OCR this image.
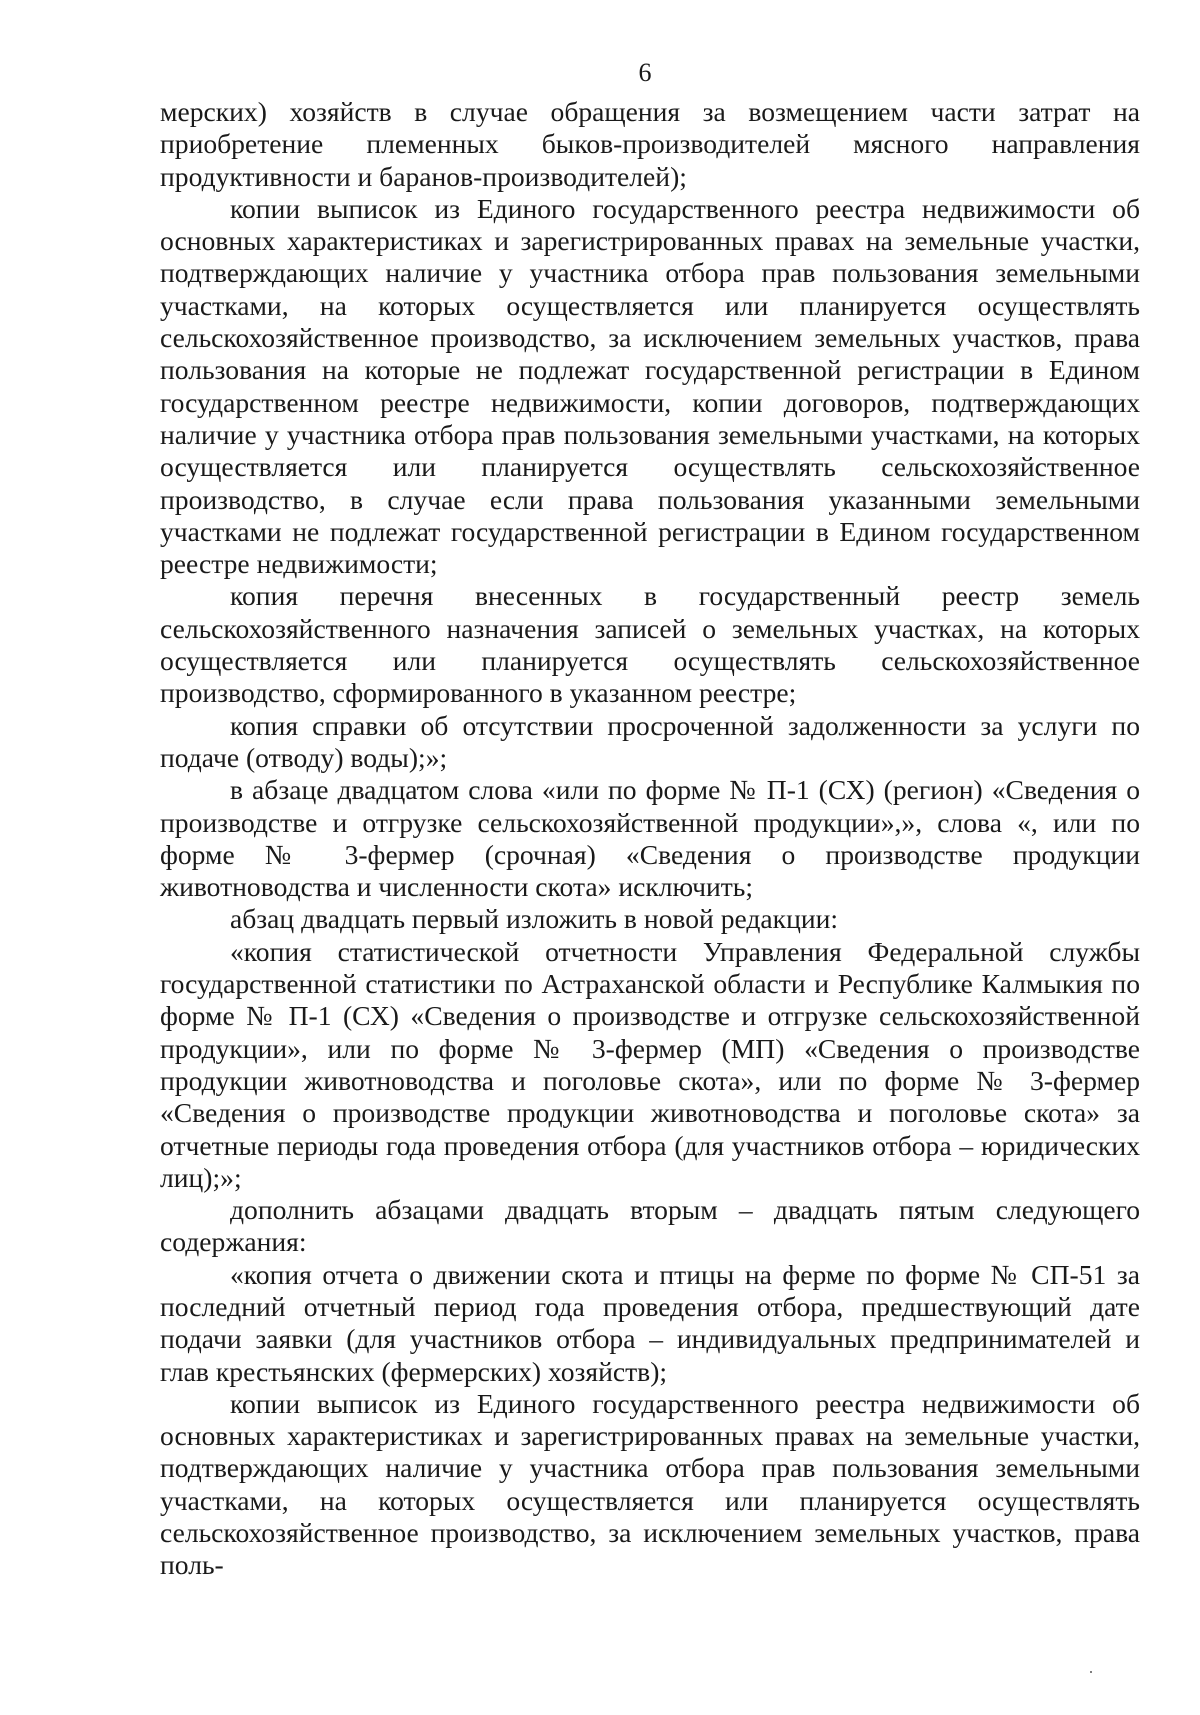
6

мерских) хозяйств в случае обращения за возмещением части затрат на приобретение племенных быков-производителей мясного направления продуктивности и баранов-производителей);

копии выписок из Единого государственного реестра недвижимости об основных характеристиках и зарегистрированных правах на земельные участки, подтверждающих наличие у участника отбора прав пользования земельными участками, на которых осуществляется или планируется осуществлять сельскохозяйственное производство, за исключением земельных участков, права пользования на которые не подлежат государственной регистрации в Едином государственном реестре недвижимости, копии договоров, подтверждающих наличие у участника отбора прав пользования земельными участками, на которых осуществляется или планируется осуществлять сельскохозяйственное производство, в случае если права пользования указанными земельными участками не подлежат государственной регистрации в Едином государственном реестре недвижимости;

копия перечня внесенных в государственный реестр земель сельскохозяйственного назначения записей о земельных участках, на которых осуществляется или планируется осуществлять сельскохозяйственное производство, сформированного в указанном реестре;

копия справки об отсутствии просроченной задолженности за услуги по подаче (отводу) воды);»;

в абзаце двадцатом слова «или по форме № П-1 (СХ) (регион) «Сведения о производстве и отгрузке сельскохозяйственной продукции»,», слова «, или по форме № 3-фермер (срочная) «Сведения о производстве продукции животноводства и численности скота» исключить;

абзац двадцать первый изложить в новой редакции:

«копия статистической отчетности Управления Федеральной службы государственной статистики по Астраханской области и Республике Калмыкия по форме № П-1 (СХ) «Сведения о производстве и отгрузке сельскохозяйственной продукции», или по форме № 3-фермер (МП) «Сведения о производстве продукции животноводства и поголовье скота», или по форме № 3-фермер «Сведения о производстве продукции животноводства и поголовье скота» за отчетные периоды года проведения отбора (для участников отбора – юридических лиц);»;

дополнить абзацами двадцать вторым – двадцать пятым следующего содержания:

«копия отчета о движении скота и птицы на ферме по форме № СП-51 за последний отчетный период года проведения отбора, предшествующий дате подачи заявки (для участников отбора – индивидуальных предпринимателей и глав крестьянских (фермерских) хозяйств);

копии выписок из Единого государственного реестра недвижимости об основных характеристиках и зарегистрированных правах на земельные участки, подтверждающих наличие у участника отбора прав пользования земельными участками, на которых осуществляется или планируется осуществлять сельскохозяйственное производство, за исключением земельных участков, права поль-
